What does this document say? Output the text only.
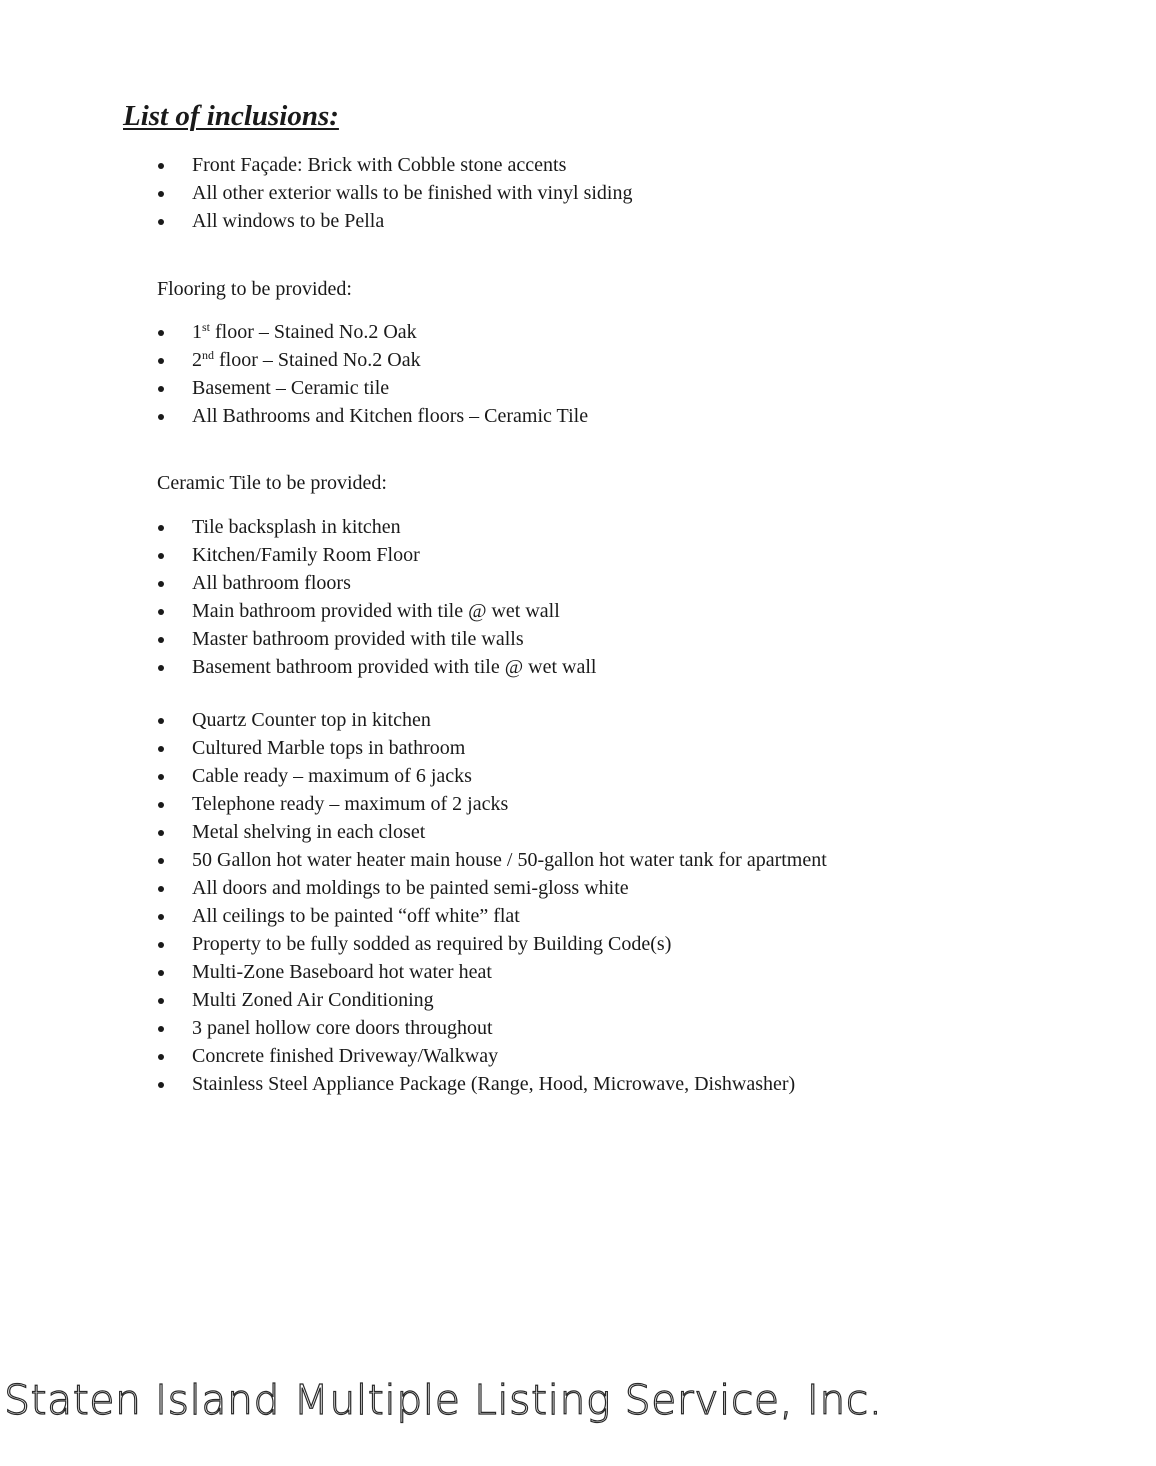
List of inclusions:
Front Façade: Brick with Cobble stone accents
All other exterior walls to be finished with vinyl siding
All windows to be Pella

Flooring to be provided:

1st floor – Stained No.2 Oak
2nd floor – Stained No.2 Oak
Basement – Ceramic tile
All Bathrooms and Kitchen floors – Ceramic Tile

Ceramic Tile to be provided:

Tile backsplash in kitchen
Kitchen/Family Room Floor
All bathroom floors
Main bathroom provided with tile @ wet wall
Master bathroom provided with tile walls
Basement bathroom provided with tile @ wet wall
Quartz Counter top in kitchen
Cultured Marble tops in bathroom
Cable ready – maximum of 6 jacks
Telephone ready – maximum of 2 jacks
Metal shelving in each closet
50 Gallon hot water heater main house / 50-gallon hot water tank for apartment
All doors and moldings to be painted semi-gloss white
All ceilings to be painted “off white” flat
Property to be fully sodded as required by Building Code(s)
Multi-Zone Baseboard hot water heat
Multi Zoned Air Conditioning
3 panel hollow core doors throughout
Concrete finished Driveway/Walkway
Stainless Steel Appliance Package (Range, Hood, Microwave, Dishwasher)
Staten Island Multiple Listing Service, Inc.
